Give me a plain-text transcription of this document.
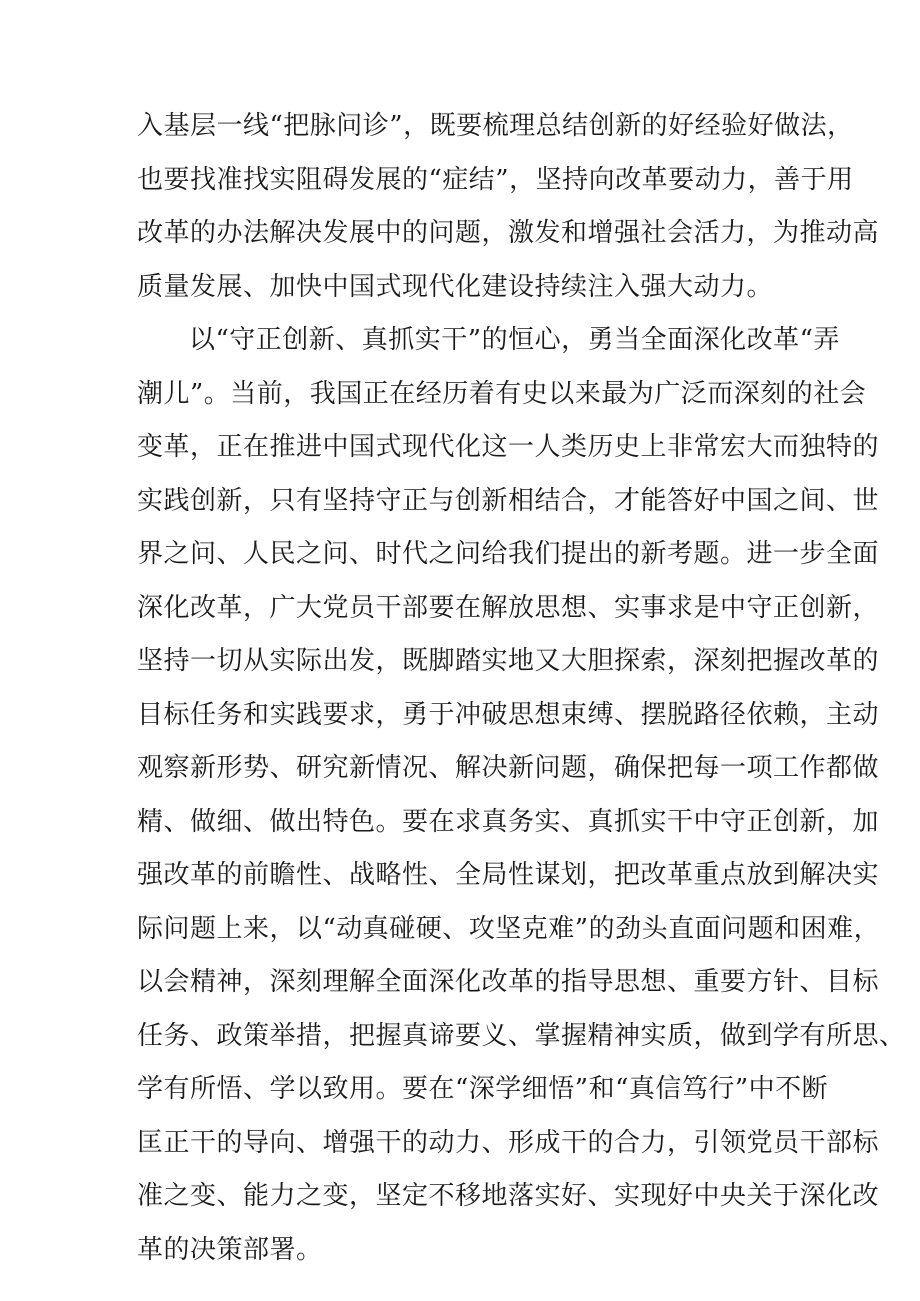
入基层一线“把脉问诊”，既要梳理总结创新的好经验好做法，
也要找准找实阻碍发展的“症结”，坚持向改革要动力，善于用
改革的办法解决发展中的问题，激发和增强社会活力，为推动高
质量发展、加快中国式现代化建设持续注入强大动力。
以“守正创新、真抓实干”的恒心，勇当全面深化改革“弄
潮儿”。当前，我国正在经历着有史以来最为广泛而深刻的社会
变革，正在推进中国式现代化这一人类历史上非常宏大而独特的
实践创新，只有坚持守正与创新相结合，才能答好中国之间、世
界之问、人民之问、时代之问给我们提出的新考题。进一步全面
深化改革，广大党员干部要在解放思想、实事求是中守正创新，
坚持一切从实际出发，既脚踏实地又大胆探索，深刻把握改革的
目标任务和实践要求，勇于冲破思想束缚、摆脱路径依赖，主动
观察新形势、研究新情况、解决新问题，确保把每一项工作都做
精、做细、做出特色。要在求真务实、真抓实干中守正创新，加
强改革的前瞻性、战略性、全局性谋划，把改革重点放到解决实
际问题上来，以“动真碰硬、攻坚克难”的劲头直面问题和困难，
以会精神，深刻理解全面深化改革的指导思想、重要方针、目标
任务、政策举措，把握真谛要义、掌握精神实质，做到学有所思、
学有所悟、学以致用。要在“深学细悟”和“真信笃行”中不断
匡正干的导向、增强干的动力、形成干的合力，引领党员干部标
准之变、能力之变，坚定不移地落实好、实现好中央关于深化改
革的决策部署。
